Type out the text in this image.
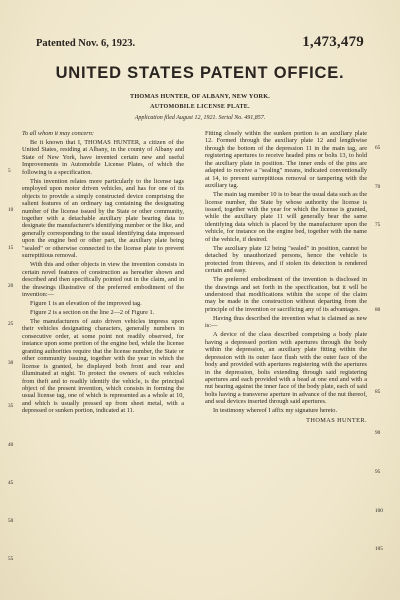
Patented Nov. 6, 1923.	1,473,479
UNITED STATES PATENT OFFICE.
THOMAS HUNTER, OF ALBANY, NEW YORK.
AUTOMOBILE LICENSE PLATE.
Application filed August 12, 1921. Serial No. 491,857.

To all whom it may concern:

Be it known that I, THOMAS HUNTER, a citizen of the United States, residing at Albany, in the county of Albany and State of New York, have invented certain new and useful Improvements in Automobile License Plates, of which the following is a specification.

This invention relates more particularly to the license tags employed upon motor driven vehicles, and has for one of its objects to provide a simply constructed device comprising the salient features of an ordinary tag containing the designating number of the license issued by the State or other community, together with a detachable auxiliary plate bearing data to designate the manufacturer's identifying number or the like, and generally corresponding to the usual identifying data impressed upon the engine bed or other part, the auxiliary plate being "sealed" or otherwise connected to the license plate to prevent surreptitious removal.

With this and other objects in view the invention consists in certain novel features of construction as hereafter shown and described and then specifically pointed out in the claim, and in the drawings illustrative of the preferred embodiment of the invention:—

Figure 1 is an elevation of the improved tag.

Figure 2 is a section on the line 2—2 of Figure 1.

The manufacturers of auto driven vehicles impress upon their vehicles designating characters, generally numbers in consecutive order, at some point not readily observed, for instance upon some portion of the engine bed, while the license granting authorities require that the license number, the State or other community issuing, together with the year in which the license is granted, be displayed both front and rear and illuminated at night. To protect the owners of such vehicles from theft and to readily identify the vehicle, is the principal object of the present invention, which consists in forming the usual license tag, one of which is represented as a whole at 10, and which is usually pressed up from sheet metal, with a depressed or sunken portion, indicated at 11.

Fitting closely within the sunken portion is an auxiliary plate 12. Formed through the auxiliary plate 12 and lengthwise through the bottom of the depression 11 in the main tag, are registering apertures to receive headed pins or bolts 13, to hold the auxiliary plate in position. The inner ends of the pins are adapted to receive a "sealing" means, indicated conventionally at 14, to prevent surreptitious removal or tampering with the auxiliary tag.

The main tag member 10 is to bear the usual data such as the license number, the State by whose authority the license is issued, together with the year for which the license is granted, while the auxiliary plate 11 will generally bear the same identifying data which is placed by the manufacturer upon the vehicle, for instance on the engine bed, together with the name of the vehicle, if desired.

The auxiliary plate 12 being "sealed" in position, cannot be detached by unauthorized persons, hence the vehicle is protected from thieves, and if stolen its detection is rendered certain and easy.

The preferred embodiment of the invention is disclosed in the drawings and set forth in the specification, but it will be understood that modifications within the scope of the claim may be made in the construction without departing from the principle of the invention or sacrificing any of its advantages.

Having thus described the invention what is claimed as new is:—

A device of the class described comprising a body plate having a depressed portion with apertures through the body within the depression, an auxiliary plate fitting within the depression with its outer face flush with the outer face of the body and provided with apertures registering with the apertures in the depression, bolts extending through said registering apertures and each provided with a head at one end and with a nut bearing against the inner face of the body plate, each of said bolts having a transverse aperture in advance of the nut thereof, and seal devices inserted through said apertures.

In testimony whereof I affix my signature hereto.

THOMAS HUNTER.

5
10
15
20
25
30
35
40
45
50
55
65
70
75
80
85
90
95
100
105
